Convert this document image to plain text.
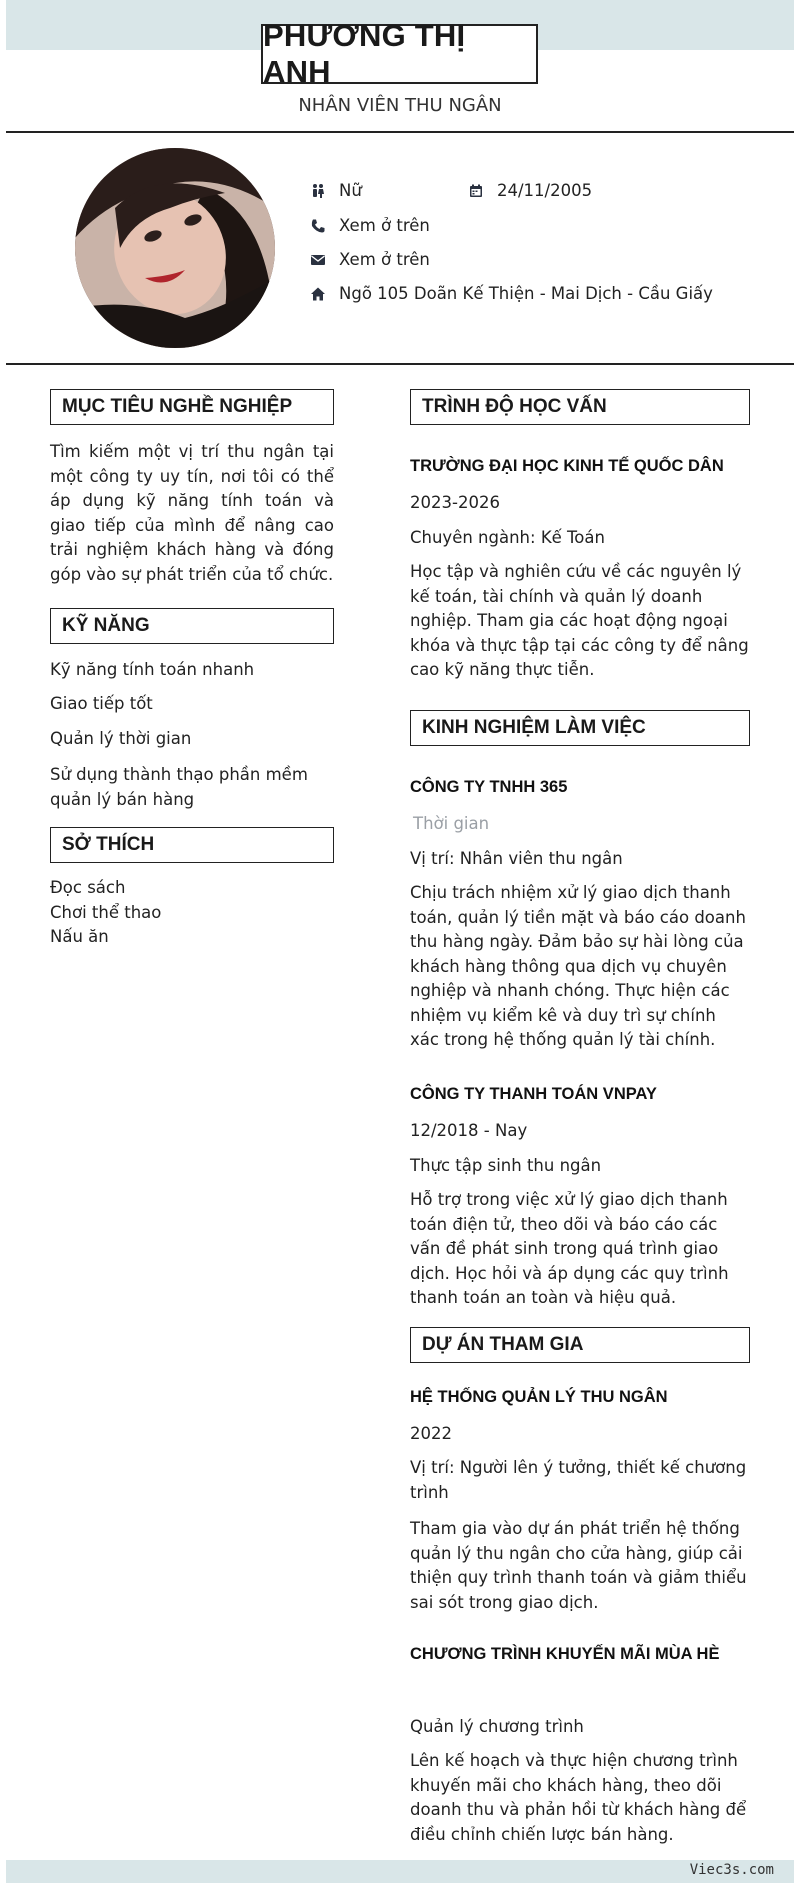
PHƯƠNG THỊ ANH
NHÂN VIÊN THU NGÂN
Nữ	24/11/2005
Xem ở trên
Xem ở trên
Ngõ 105 Doãn Kế Thiện - Mai Dịch - Cầu Giấy
MỤC TIÊU NGHỀ NGHIỆP
Tìm kiếm một vị trí thu ngân tại một công ty uy tín, nơi tôi có thể áp dụng kỹ năng tính toán và giao tiếp của mình để nâng cao trải nghiệm khách hàng và đóng góp vào sự phát triển của tổ chức.
KỸ NĂNG
Kỹ năng tính toán nhanh
Giao tiếp tốt
Quản lý thời gian
Sử dụng thành thạo phần mềm quản lý bán hàng
SỞ THÍCH
Đọc sách
Chơi thể thao
Nấu ăn
TRÌNH ĐỘ HỌC VẤN
TRƯỜNG ĐẠI HỌC KINH TẾ QUỐC DÂN
2023-2026
Chuyên ngành: Kế Toán
Học tập và nghiên cứu về các nguyên lý kế toán, tài chính và quản lý doanh nghiệp. Tham gia các hoạt động ngoại khóa và thực tập tại các công ty để nâng cao kỹ năng thực tiễn.
KINH NGHIỆM LÀM VIỆC
CÔNG TY TNHH 365
Thời gian
Vị trí: Nhân viên thu ngân
Chịu trách nhiệm xử lý giao dịch thanh toán, quản lý tiền mặt và báo cáo doanh thu hàng ngày. Đảm bảo sự hài lòng của khách hàng thông qua dịch vụ chuyên nghiệp và nhanh chóng. Thực hiện các nhiệm vụ kiểm kê và duy trì sự chính xác trong hệ thống quản lý tài chính.
CÔNG TY THANH TOÁN VNPAY
12/2018 - Nay
Thực tập sinh thu ngân
Hỗ trợ trong việc xử lý giao dịch thanh toán điện tử, theo dõi và báo cáo các vấn đề phát sinh trong quá trình giao dịch. Học hỏi và áp dụng các quy trình thanh toán an toàn và hiệu quả.
DỰ ÁN THAM GIA
HỆ THỐNG QUẢN LÝ THU NGÂN
2022
Vị trí: Người lên ý tưởng, thiết kế chương trình
Tham gia vào dự án phát triển hệ thống quản lý thu ngân cho cửa hàng, giúp cải thiện quy trình thanh toán và giảm thiểu sai sót trong giao dịch.
CHƯƠNG TRÌNH KHUYẾN MÃI MÙA HÈ
Quản lý chương trình
Lên kế hoạch và thực hiện chương trình khuyến mãi cho khách hàng, theo dõi doanh thu và phản hồi từ khách hàng để điều chỉnh chiến lược bán hàng.
Viec3s.com
